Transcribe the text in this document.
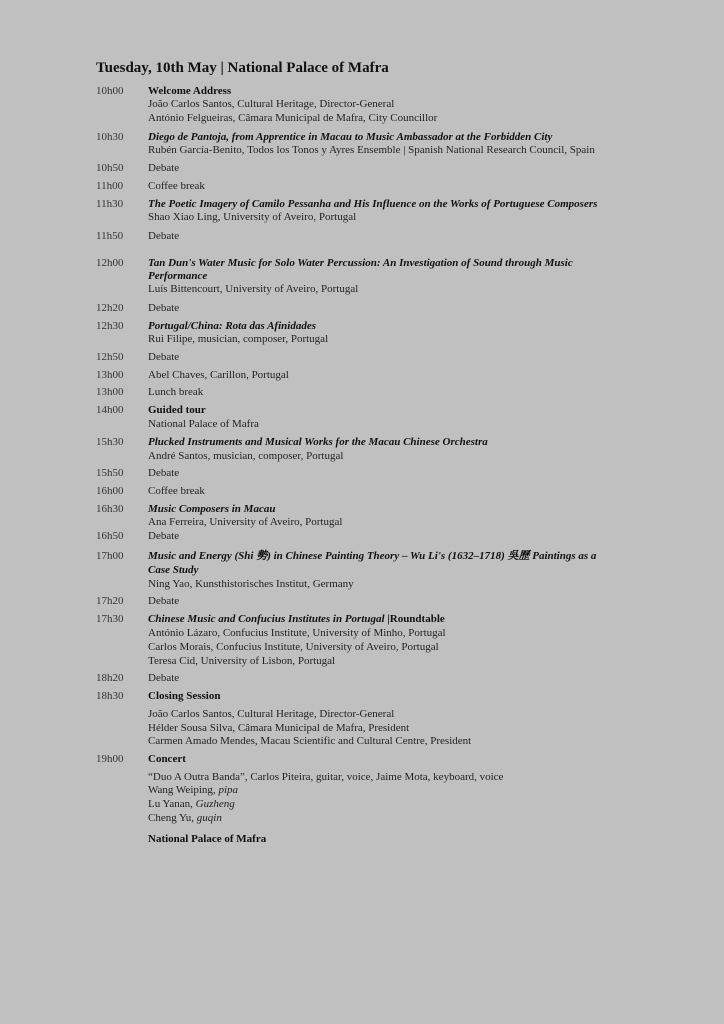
Tuesday, 10th May | National Palace of Mafra
10h00 Welcome Address
João Carlos Santos, Cultural Heritage, Director-General
António Felgueiras, Câmara Municipal de Mafra, City Councillor
10h30 Diego de Pantoja, from Apprentice in Macau to Music Ambassador at the Forbidden City
Rubén García-Benito, Todos los Tonos y Ayres Ensemble | Spanish National Research Council, Spain
10h50 Debate
11h00 Coffee break
11h30 The Poetic Imagery of Camilo Pessanha and His Influence on the Works of Portuguese Composers
Shao Xiao Ling, University of Aveiro, Portugal
11h50 Debate
12h00 Tan Dun's Water Music for Solo Water Percussion: An Investigation of Sound through Music
Performance
Luís Bittencourt, University of Aveiro, Portugal
12h20 Debate
12h30 Portugal/China: Rota das Afinidades
Rui Filipe, musician, composer, Portugal
12h50 Debate
13h00 Abel Chaves, Carillon, Portugal
13h00 Lunch break
14h00 Guided tour
National Palace of Mafra
15h30 Plucked Instruments and Musical Works for the Macau Chinese Orchestra
André Santos, musician, composer, Portugal
15h50 Debate
16h00 Coffee break
16h30 Music Composers in Macau
Ana Ferreira, University of Aveiro, Portugal
16h50 Debate
17h00 Music and Energy (Shi 勢) in Chinese Painting Theory – Wu Li's (1632–1718) 吳歷 Paintings as a
Case Study
Ning Yao, Kunsthistorisches Institut, Germany
17h20 Debate
17h30 Chinese Music and Confucius Institutes in Portugal |Roundtable
António Lázaro, Confucius Institute, University of Minho, Portugal
Carlos Morais, Confucius Institute, University of Aveiro, Portugal
Teresa Cid, University of Lisbon, Portugal
18h20 Debate
18h30 Closing Session
João Carlos Santos, Cultural Heritage, Director-General
Hélder Sousa Silva, Câmara Municipal de Mafra, President
Carmen Amado Mendes, Macau Scientific and Cultural Centre, President
19h00 Concert
“Duo A Outra Banda”, Carlos Piteira, guitar, voice, Jaime Mota, keyboard, voice
Wang Weiping, pipa
Lu Yanan, Guzheng
Cheng Yu, guqin
National Palace of Mafra
